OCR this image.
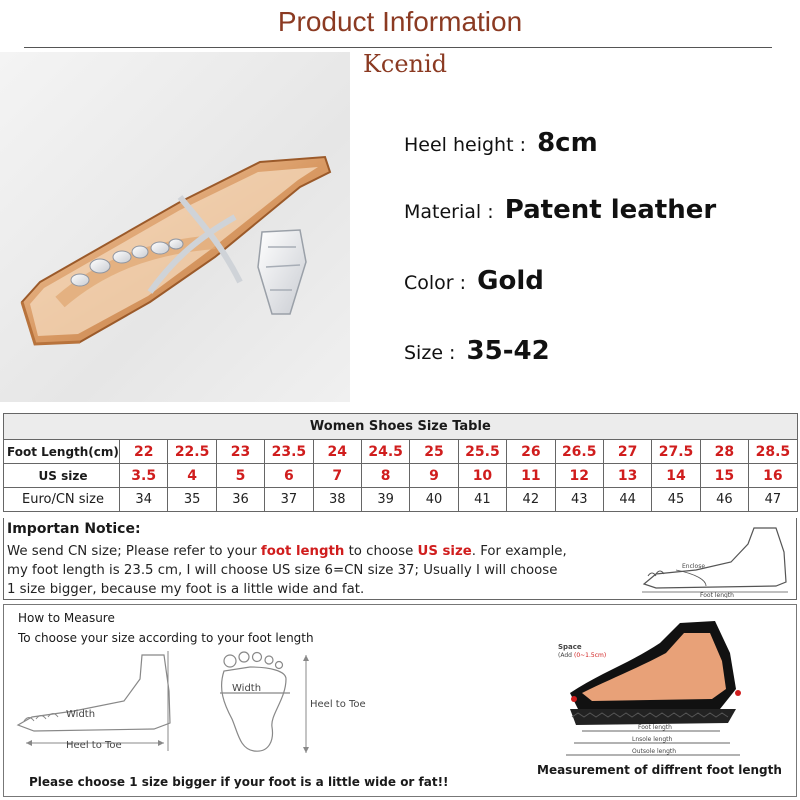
Product Information
Kcenid
Heel height : 8cm
Material : Patent leather
Color : Gold
Size : 35-42
Women Shoes Size Table														
Foot Length(cm)	22	22.5	23	23.5	24	24.5	25	25.5	26	26.5	27	27.5	28	28.5
US size	3.5	4	5	6	7	8	9	10	11	12	13	14	15	16
Euro/CN size	34	35	36	37	38	39	40	41	42	43	44	45	46	47
Importan Notice:
We send CN size; Please refer to your foot length to choose US size. For example,
my foot length is 23.5 cm, I will choose US size 6=CN size 37; Usually I will choose
1 size bigger, because my foot is a little wide and fat.
Enclose
Foot length
How to Measure
To choose your size according to your foot length
Width
Heel to Toe
Width
Heel to Toe
Space
(Add (0~1.5cm)
Foot length
Lnsole length
Outsole length
Please choose 1 size bigger if your foot is a little wide or fat!!
Measurement of diffrent foot length
